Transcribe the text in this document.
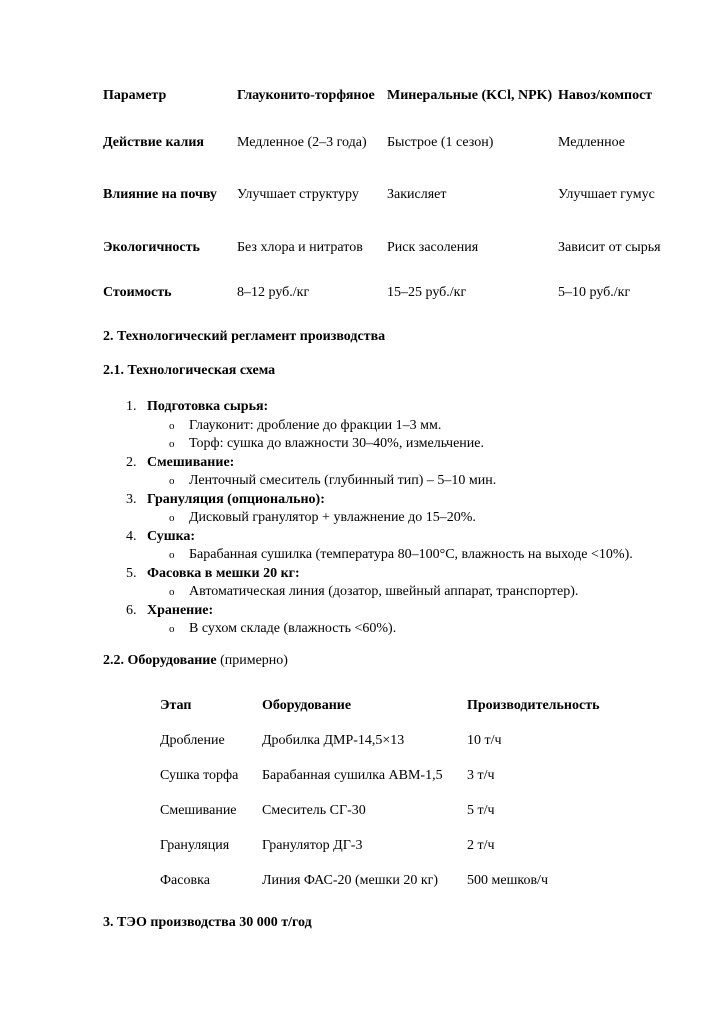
Параметр	Глауконито-торфяное	Минеральные (KCl, NPK)	Навоз/компост
Действие калия	Медленное (2–3 года)	Быстрое (1 сезон)	Медленное
Влияние на почву	Улучшает структуру	Закисляет	Улучшает гумус
Экологичность	Без хлора и нитратов	Риск засоления	Зависит от сырья
Стоимость	8–12 руб./кг	15–25 руб./кг	5–10 руб./кг
2. Технологический регламент производства
2.1. Технологическая схема
1. Подготовка сырья:
o Глауконит: дробление до фракции 1–3 мм.
o Торф: сушка до влажности 30–40%, измельчение.
2. Смешивание:
o Ленточный смеситель (глубинный тип) – 5–10 мин.
3. Грануляция (опционально):
o Дисковый гранулятор + увлажнение до 15–20%.
4. Сушка:
o Барабанная сушилка (температура 80–100°C, влажность на выходе <10%).
5. Фасовка в мешки 20 кг:
o Автоматическая линия (дозатор, швейный аппарат, транспортер).
6. Хранение:
o В сухом складе (влажность <60%).
2.2. Оборудование (примерно)
Этап	Оборудование	Производительность
Дробление	Дробилка ДМР-14,5×13	10 т/ч
Сушка торфа	Барабанная сушилка АВМ-1,5	3 т/ч
Смешивание	Смеситель СГ-30	5 т/ч
Грануляция	Гранулятор ДГ-3	2 т/ч
Фасовка	Линия ФАС-20 (мешки 20 кг)	500 мешков/ч
3. ТЭО производства 30 000 т/год
